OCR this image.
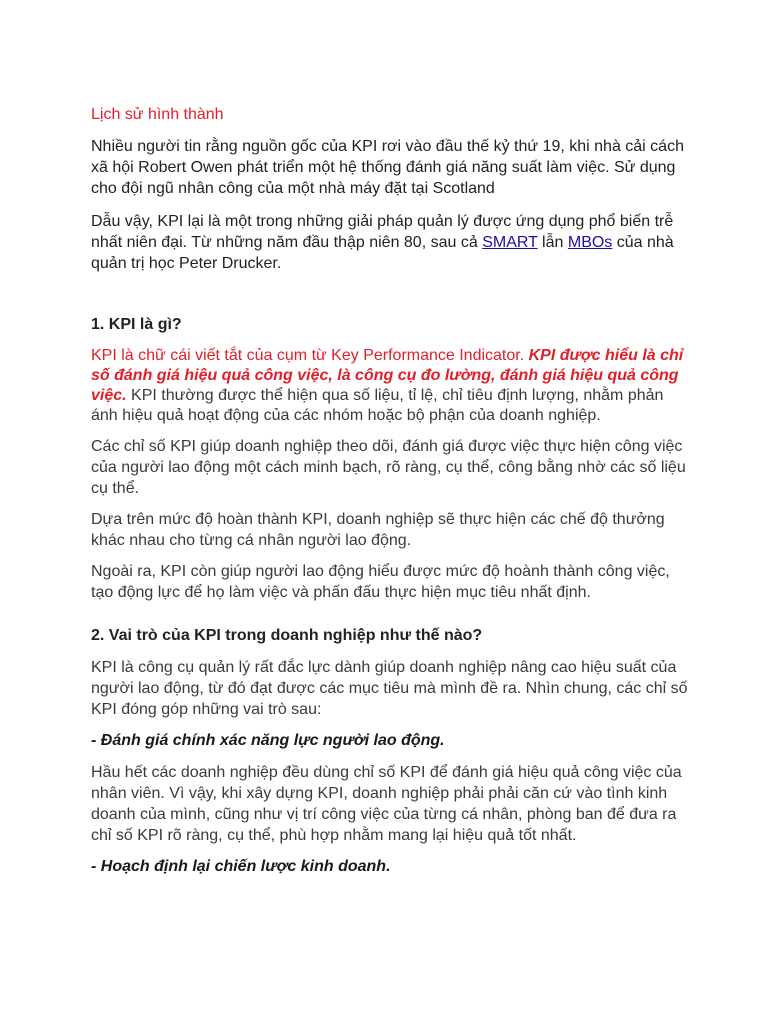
Lịch sử hình thành

Nhiều người tin rằng nguồn gốc của KPI rơi vào đầu thế kỷ thứ 19, khi nhà cải cách xã hội Robert Owen phát triển một hệ thống đánh giá năng suất làm việc. Sử dụng cho đội ngũ nhân công của một nhà máy đặt tại Scotland

Dẫu vậy, KPI lại là một trong những giải pháp quản lý được ứng dụng phổ biến trễ nhất niên đại. Từ những năm đầu thập niên 80, sau cả SMART lẫn MBOs của nhà quản trị học Peter Drucker.

1. KPI là gì?

KPI là chữ cái viết tắt của cụm từ Key Performance Indicator. KPI được hiểu là chỉ số đánh giá hiệu quả công việc, là công cụ đo lường, đánh giá hiệu quả công việc. KPI thường được thể hiện qua số liệu, tỉ lệ, chỉ tiêu định lượng, nhằm phản ánh hiệu quả hoạt động của các nhóm hoặc bộ phận của doanh nghiệp.

Các chỉ số KPI giúp doanh nghiệp theo dõi, đánh giá được việc thực hiện công việc của người lao động một cách minh bạch, rõ ràng, cụ thể, công bằng nhờ các số liệu cụ thể.

Dựa trên mức độ hoàn thành KPI, doanh nghiệp sẽ thực hiện các chế độ thưởng khác nhau cho từng cá nhân người lao động.

Ngoài ra, KPI còn giúp người lao động hiểu được mức độ hoành thành công việc, tạo động lực để họ làm việc và phấn đấu thực hiện mục tiêu nhất định.

2. Vai trò của KPI trong doanh nghiệp như thế nào?

KPI là công cụ quản lý rất đắc lực dành giúp doanh nghiệp nâng cao hiệu suất của người lao động, từ đó đạt được các mục tiêu mà mình đề ra. Nhìn chung, các chỉ số KPI đóng góp những vai trò sau:

- Đánh giá chính xác năng lực người lao động.

Hầu hết các doanh nghiệp đều dùng chỉ số KPI để đánh giá hiệu quả công việc của nhân viên. Vì vậy, khi xây dựng KPI, doanh nghiệp phải phải căn cứ vào tình kinh doanh của mình, cũng như vị trí công việc của từng cá nhân, phòng ban để đưa ra chỉ số KPI rõ ràng, cụ thể, phù hợp nhằm mang lại hiệu quả tốt nhất.

- Hoạch định lại chiến lược kinh doanh.
